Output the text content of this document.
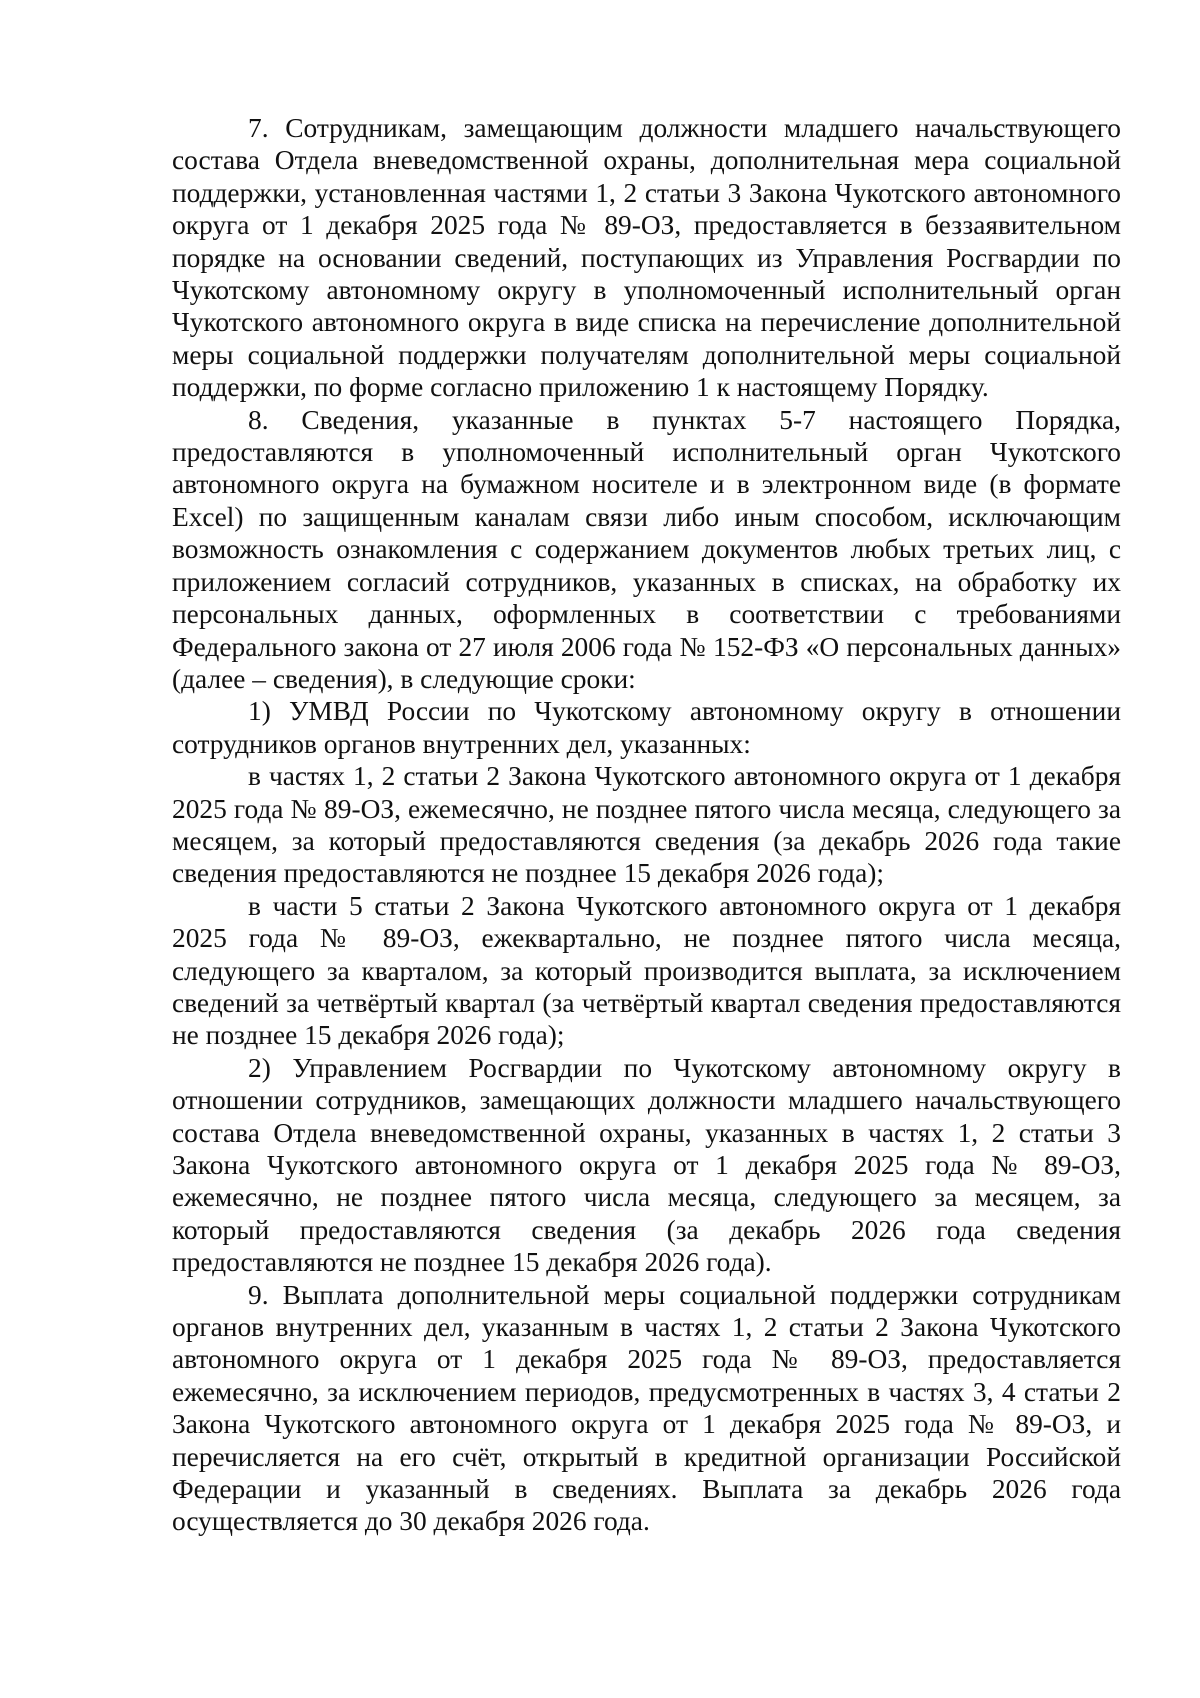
7. Сотрудникам, замещающим должности младшего начальствующего состава Отдела вневедомственной охраны, дополнительная мера социальной поддержки, установленная частями 1, 2 статьи 3 Закона Чукотского автономного округа от 1 декабря 2025 года № 89-ОЗ, предоставляется в беззаявительном порядке на основании сведений, поступающих из Управления Росгвардии по Чукотскому автономному округу в уполномоченный исполнительный орган Чукотского автономного округа в виде списка на перечисление дополнительной меры социальной поддержки получателям дополнительной меры социальной поддержки, по форме согласно приложению 1 к настоящему Порядку.

8. Сведения, указанные в пунктах 5-7 настоящего Порядка, предоставляются в уполномоченный исполнительный орган Чукотского автономного округа на бумажном носителе и в электронном виде (в формате Excel) по защищенным каналам связи либо иным способом, исключающим возможность ознакомления с содержанием документов любых третьих лиц, с приложением согласий сотрудников, указанных в списках, на обработку их персональных данных, оформленных в соответствии с требованиями Федерального закона от 27 июля 2006 года № 152-ФЗ «О персональных данных» (далее – сведения), в следующие сроки:

1) УМВД России по Чукотскому автономному округу в отношении сотрудников органов внутренних дел, указанных:

в частях 1, 2 статьи 2 Закона Чукотского автономного округа от 1 декабря 2025 года № 89-ОЗ, ежемесячно, не позднее пятого числа месяца, следующего за месяцем, за который предоставляются сведения (за декабрь 2026 года такие сведения предоставляются не позднее 15 декабря 2026 года);

в части 5 статьи 2 Закона Чукотского автономного округа от 1 декабря 2025 года № 89-ОЗ, ежеквартально, не позднее пятого числа месяца, следующего за кварталом, за который производится выплата, за исключением сведений за четвёртый квартал (за четвёртый квартал сведения предоставляются не позднее 15 декабря 2026 года);

2) Управлением Росгвардии по Чукотскому автономному округу в отношении сотрудников, замещающих должности младшего начальствующего состава Отдела вневедомственной охраны, указанных в частях 1, 2 статьи 3 Закона Чукотского автономного округа от 1 декабря 2025 года № 89-ОЗ, ежемесячно, не позднее пятого числа месяца, следующего за месяцем, за который предоставляются сведения (за декабрь 2026 года сведения предоставляются не позднее 15 декабря 2026 года).

9. Выплата дополнительной меры социальной поддержки сотрудникам органов внутренних дел, указанным в частях 1, 2 статьи 2 Закона Чукотского автономного округа от 1 декабря 2025 года № 89-ОЗ, предоставляется ежемесячно, за исключением периодов, предусмотренных в частях 3, 4 статьи 2 Закона Чукотского автономного округа от 1 декабря 2025 года № 89-ОЗ, и перечисляется на его счёт, открытый в кредитной организации Российской Федерации и указанный в сведениях. Выплата за декабрь 2026 года осуществляется до 30 декабря 2026 года.
